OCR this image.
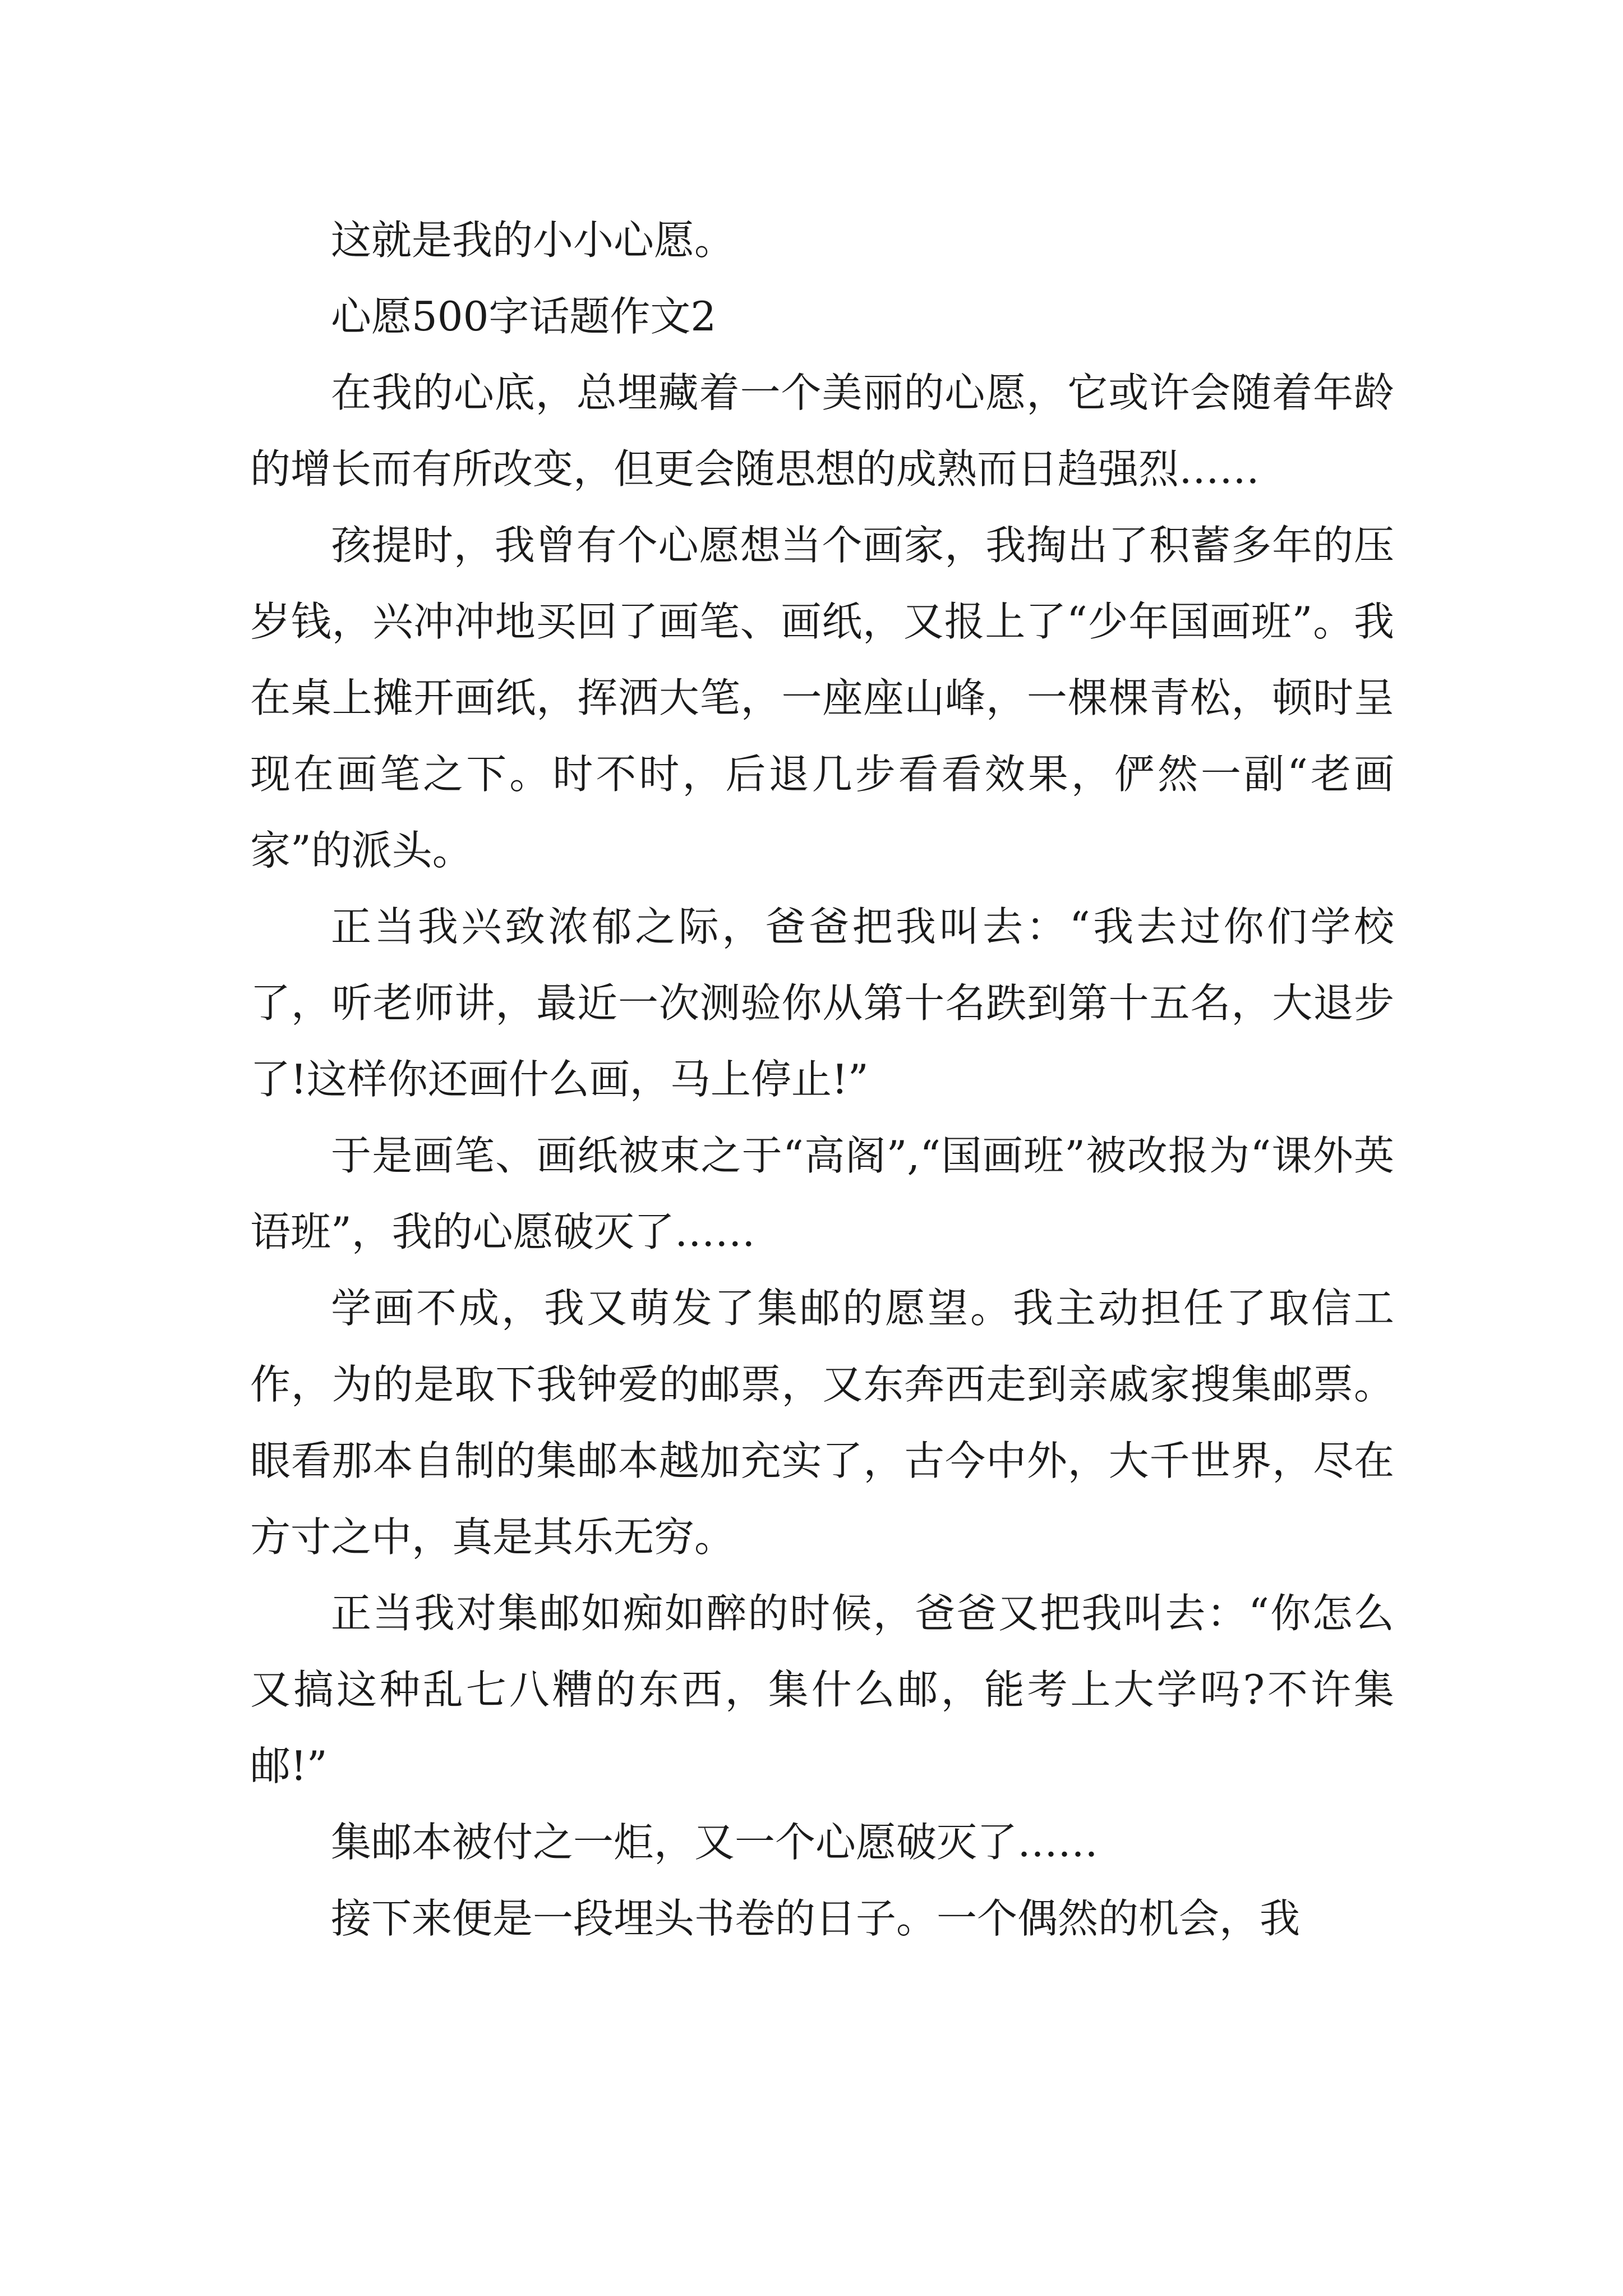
这就是我的小小心愿。

心愿500字话题作文2

在我的心底，总埋藏着一个美丽的心愿，它或许会随着年龄的增长而有所改变，但更会随思想的成熟而日趋强烈……

孩提时，我曾有个心愿想当个画家，我掏出了积蓄多年的压岁钱，兴冲冲地买回了画笔、画纸，又报上了“少年国画班”。我在桌上摊开画纸，挥洒大笔，一座座山峰，一棵棵青松，顿时呈现在画笔之下。时不时，后退几步看看效果，俨然一副“老画家”的派头。

正当我兴致浓郁之际，爸爸把我叫去：“我去过你们学校了，听老师讲，最近一次测验你从第十名跌到第十五名，大退步了!这样你还画什么画，马上停止!”

于是画笔、画纸被束之于“高阁”,“国画班”被改报为“课外英语班”，我的心愿破灭了……

学画不成，我又萌发了集邮的愿望。我主动担任了取信工作，为的是取下我钟爱的邮票，又东奔西走到亲戚家搜集邮票。眼看那本自制的集邮本越加充实了，古今中外，大千世界，尽在方寸之中，真是其乐无穷。

正当我对集邮如痴如醉的时候，爸爸又把我叫去：“你怎么又搞这种乱七八糟的东西，集什么邮，能考上大学吗?不许集邮!”

集邮本被付之一炬，又一个心愿破灭了……

接下来便是一段埋头书卷的日子。一个偶然的机会，我
